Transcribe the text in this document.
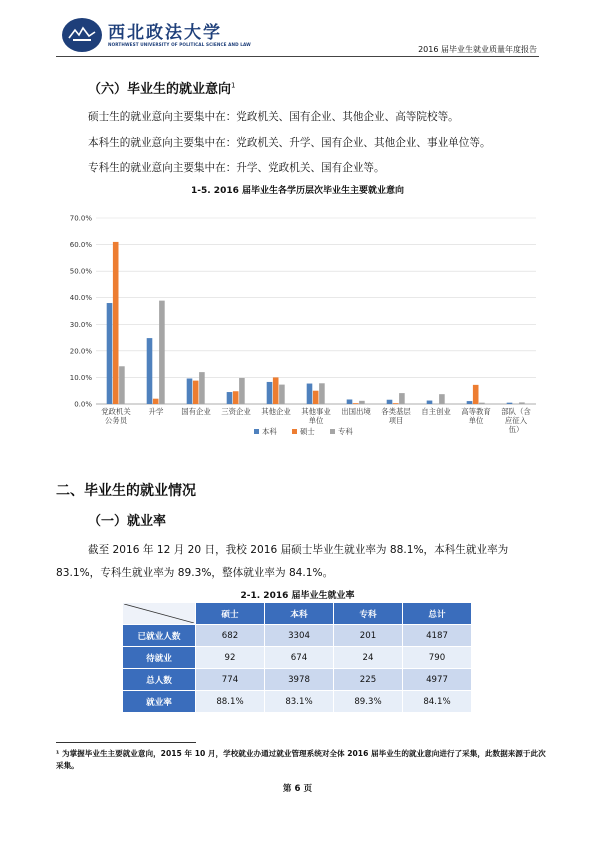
西北政法大学
NORTHWEST UNIVERSITY OF POLITICAL SCIENCE AND LAW
2016 届毕业生就业质量年度报告
（六）毕业生的就业意向$^1$
硕士生的就业意向主要集中在：党政机关、国有企业、其他企业、高等院校等。
本科生的就业意向主要集中在：党政机关、升学、国有企业、其他企业、事业单位等。
专科生的就业意向主要集中在：升学、党政机关、国有企业等。
1-5. 2016 届毕业生各学历层次毕业生主要就业意向
0.0%
10.0%
20.0%
30.0%
40.0%
50.0%
60.0%
70.0%
党政机关
公务员
升学 国有企业 三资企业 其他企业 其他事业
单位
出国出境 各类基层
项目
自主创业 高等教育
单位
部队（含
应征入
伍）
本科	硕士	专科
二、毕业生的就业情况
（一）就业率
截至 2016 年 12 月 20 日，我校 2016 届硕士毕业生就业率为 88.1%，本科生就业率为
83.1%，专科生就业率为 89.3%，整体就业率为 84.1%。
2-1. 2016 届毕业生就业率
	硕士	本科	专科	总计
已就业人数	682	3304	201	4187
待就业	92	674	24	790
总人数	774	3978	225	4977
就业率	88.1%	83.1%	89.3%	84.1%
¹ 为掌握毕业生主要就业意向，2015 年 10 月，学校就业办通过就业管理系统对全体 2016 届毕业生的就业意向进行了采集，此数据来源于此次采集。
第 6 页
